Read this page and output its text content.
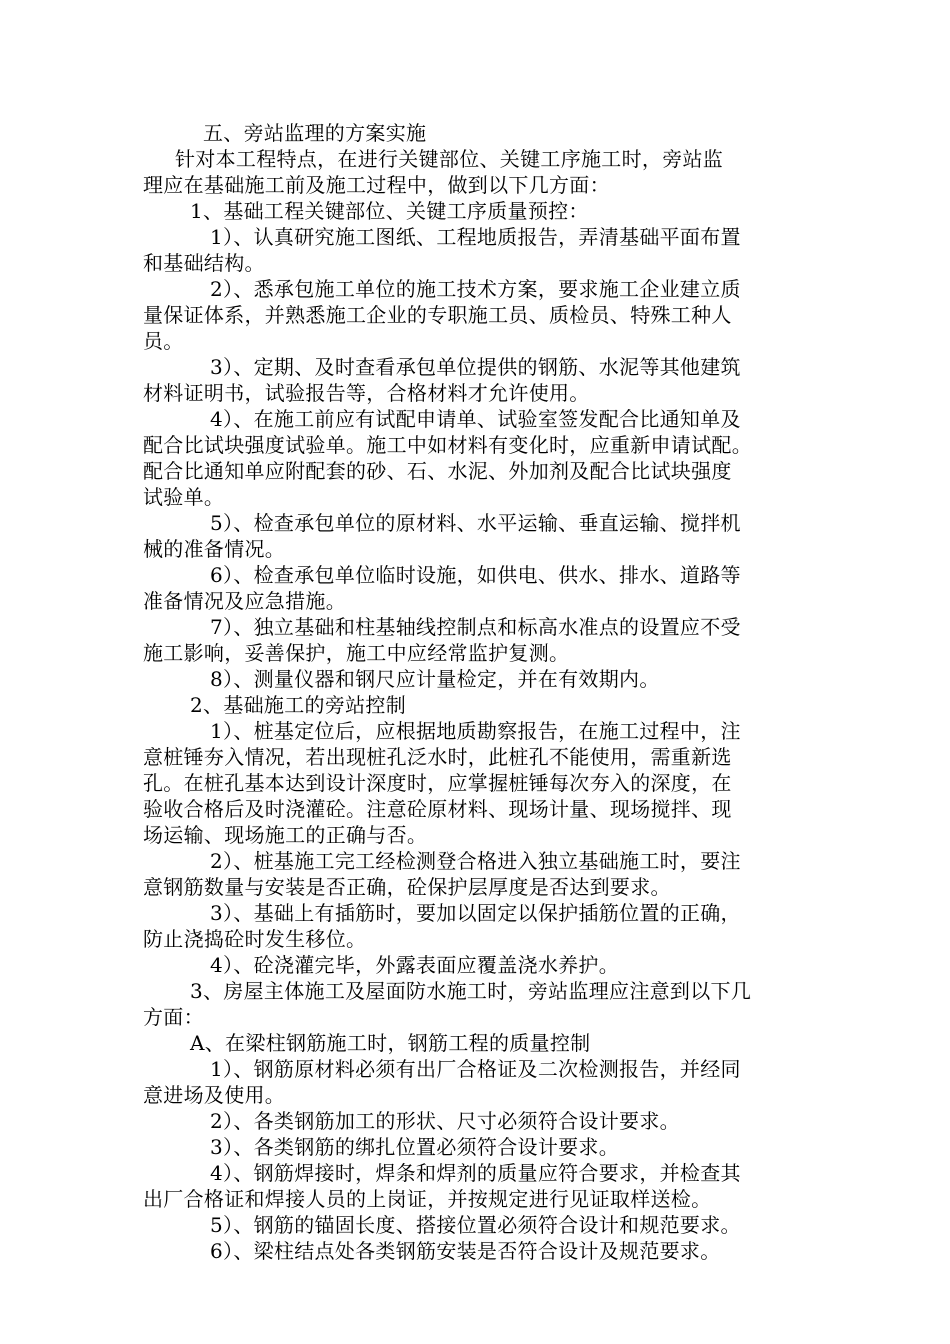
五、旁站监理的方案实施
针对本工程特点，在进行关键部位、关键工序施工时，旁站监
理应在基础施工前及施工过程中，做到以下几方面：
1、基础工程关键部位、关键工序质量预控：
1）、认真研究施工图纸、工程地质报告，弄清基础平面布置
和基础结构。
2）、悉承包施工单位的施工技术方案，要求施工企业建立质
量保证体系，并熟悉施工企业的专职施工员、质检员、特殊工种人
员。
3）、定期、及时查看承包单位提供的钢筋、水泥等其他建筑
材料证明书，试验报告等，合格材料才允许使用。
4）、在施工前应有试配申请单、试验室签发配合比通知单及
配合比试块强度试验单。施工中如材料有变化时，应重新申请试配。
配合比通知单应附配套的砂、石、水泥、外加剂及配合比试块强度
试验单。
5）、检查承包单位的原材料、水平运输、垂直运输、搅拌机
械的准备情况。
6）、检查承包单位临时设施，如供电、供水、排水、道路等
准备情况及应急措施。
7）、独立基础和柱基轴线控制点和标高水准点的设置应不受
施工影响，妥善保护，施工中应经常监护复测。
8）、测量仪器和钢尺应计量检定，并在有效期内。
2、基础施工的旁站控制
1）、桩基定位后，应根据地质勘察报告，在施工过程中，注
意桩锤夯入情况，若出现桩孔泛水时，此桩孔不能使用，需重新选
孔。在桩孔基本达到设计深度时，应掌握桩锤每次夯入的深度，在
验收合格后及时浇灌砼。注意砼原材料、现场计量、现场搅拌、现
场运输、现场施工的正确与否。
2）、桩基施工完工经检测登合格进入独立基础施工时，要注
意钢筋数量与安装是否正确，砼保护层厚度是否达到要求。
3）、基础上有插筋时，要加以固定以保护插筋位置的正确，
防止浇捣砼时发生移位。
4）、砼浇灌完毕，外露表面应覆盖浇水养护。
3、房屋主体施工及屋面防水施工时，旁站监理应注意到以下几
方面：
A、在梁柱钢筋施工时，钢筋工程的质量控制
1）、钢筋原材料必须有出厂合格证及二次检测报告，并经同
意进场及使用。
2）、各类钢筋加工的形状、尺寸必须符合设计要求。
3）、各类钢筋的绑扎位置必须符合设计要求。
4）、钢筋焊接时，焊条和焊剂的质量应符合要求，并检查其
出厂合格证和焊接人员的上岗证，并按规定进行见证取样送检。
5）、钢筋的锚固长度、搭接位置必须符合设计和规范要求。
6）、梁柱结点处各类钢筋安装是否符合设计及规范要求。
